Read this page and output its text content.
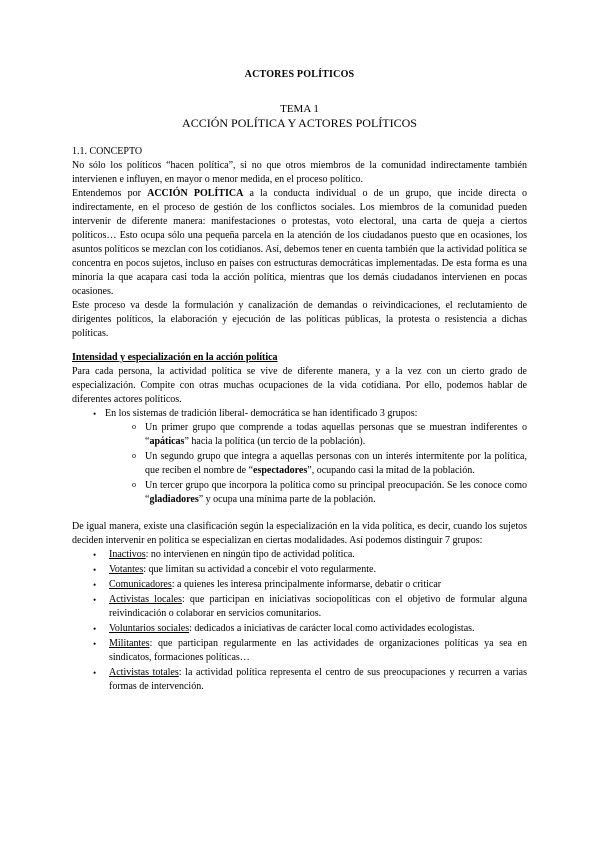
ACTORES POLÍTICOS
TEMA 1
ACCIÓN POLÍTICA Y ACTORES POLÍTICOS
1.1. CONCEPTO

No sólo los políticos “hacen política”, si no que otros miembros de la comunidad indirectamente también intervienen e influyen, en mayor o menor medida, en el proceso político.

Entendemos por ACCIÓN POLÍTICA a la conducta individual o de un grupo, que incide directa o indirectamente, en el proceso de gestión de los conflictos sociales. Los miembros de la comunidad pueden intervenir de diferente manera: manifestaciones o protestas, voto electoral, una carta de queja a ciertos políticos… Esto ocupa sólo una pequeña parcela en la atención de los ciudadanos puesto que en ocasiones, los asuntos políticos se mezclan con los cotidianos. Así, debemos tener en cuenta también que la actividad política se concentra en pocos sujetos, incluso en países con estructuras democráticas implementadas. De esta forma es una minoría la que acapara casi toda la acción política, mientras que los demás ciudadanos intervienen en pocas ocasiones.

Este proceso va desde la formulación y canalización de demandas o reivindicaciones, el reclutamiento de dirigentes políticos, la elaboración y ejecución de las políticas públicas, la protesta o resistencia a dichas políticas.

Intensidad y especialización en la acción política

Para cada persona, la actividad política se vive de diferente manera, y a la vez con un cierto grado de especialización. Compite con otras muchas ocupaciones de la vida cotidiana. Por ello, podemos hablar de diferentes actores políticos.

• En los sistemas de tradición liberal- democrática se han identificado 3 grupos:
o Un primer grupo que comprende a todas aquellas personas que se muestran indiferentes o “apáticas” hacia la política (un tercio de la población).
o Un segundo grupo que integra a aquellas personas con un interés intermitente por la política, que reciben el nombre de “espectadores”, ocupando casi la mitad de la población.
o Un tercer grupo que incorpora la política como su principal preocupación. Se les conoce como “gladiadores” y ocupa una mínima parte de la población.

De igual manera, existe una clasificación según la especialización en la vida política, es decir, cuando los sujetos deciden intervenir en política se especializan en ciertas modalidades. Así podemos distinguir 7 grupos:

• Inactivos: no intervienen en ningún tipo de actividad política.
• Votantes: que limitan su actividad a concebir el voto regularmente.
• Comunicadores: a quienes les interesa principalmente informarse, debatir o criticar
• Activistas locales: que participan en iniciativas sociopolíticas con el objetivo de formular alguna reivindicación o colaborar en servicios comunitarios.
• Voluntarios sociales: dedicados a iniciativas de carácter local como actividades ecologistas.
• Militantes: que participan regularmente en las actividades de organizaciones políticas ya sea en sindicatos, formaciones políticas…
• Activistas totales: la actividad política representa el centro de sus preocupaciones y recurren a varias formas de intervención.
